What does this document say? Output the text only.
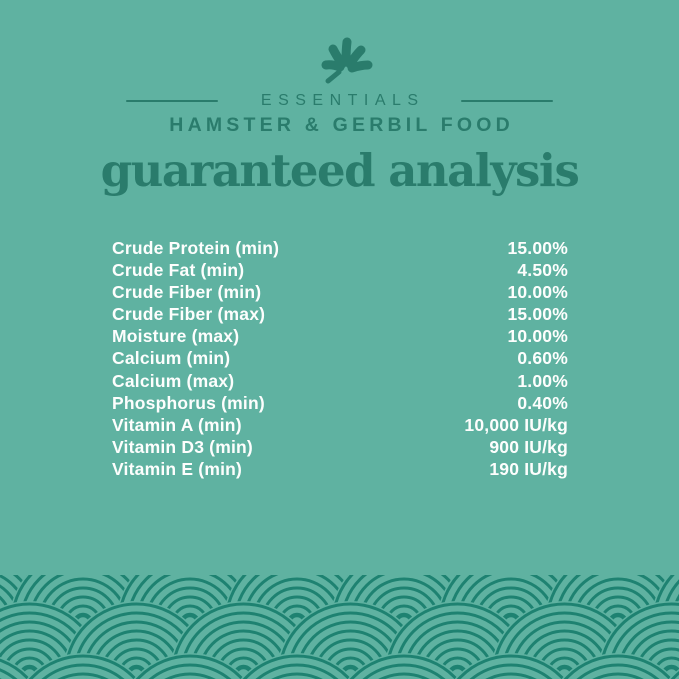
ESSENTIALS
HAMSTER & GERBIL FOOD
guaranteed analysis
Crude Protein (min)	15.00%
Crude Fat (min)	4.50%
Crude Fiber (min)	10.00%
Crude Fiber (max)	15.00%
Moisture (max)	10.00%
Calcium (min)	0.60%
Calcium (max)	1.00%
Phosphorus (min)	0.40%
Vitamin A (min)	10,000 IU/kg
Vitamin D3 (min)	900 IU/kg
Vitamin E (min)	190 IU/kg
